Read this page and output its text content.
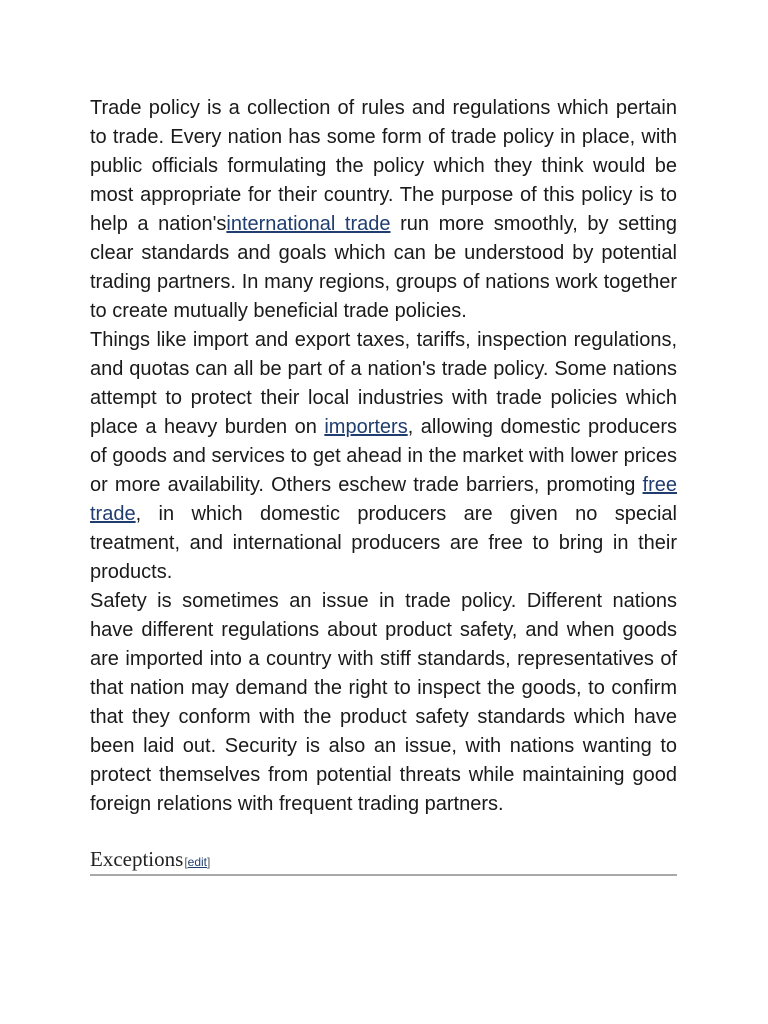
Trade policy is a collection of rules and regulations which pertain to trade. Every nation has some form of trade policy in place, with public officials formulating the policy which they think would be most appropriate for their country. The purpose of this policy is to help a nation'sinternational trade run more smoothly, by setting clear standards and goals which can be understood by potential trading partners. In many regions, groups of nations work together to create mutually beneficial trade policies.

Things like import and export taxes, tariffs, inspection regulations, and quotas can all be part of a nation's trade policy. Some nations attempt to protect their local industries with trade policies which place a heavy burden on importers, allowing domestic producers of goods and services to get ahead in the market with lower prices or more availability. Others eschew trade barriers, promoting free trade, in which domestic producers are given no special treatment, and international producers are free to bring in their products.

Safety is sometimes an issue in trade policy. Different nations have different regulations about product safety, and when goods are imported into a country with stiff standards, representatives of that nation may demand the right to inspect the goods, to confirm that they conform with the product safety standards which have been laid out. Security is also an issue, with nations wanting to protect themselves from potential threats while maintaining good foreign relations with frequent trading partners.

Exceptions [edit]
